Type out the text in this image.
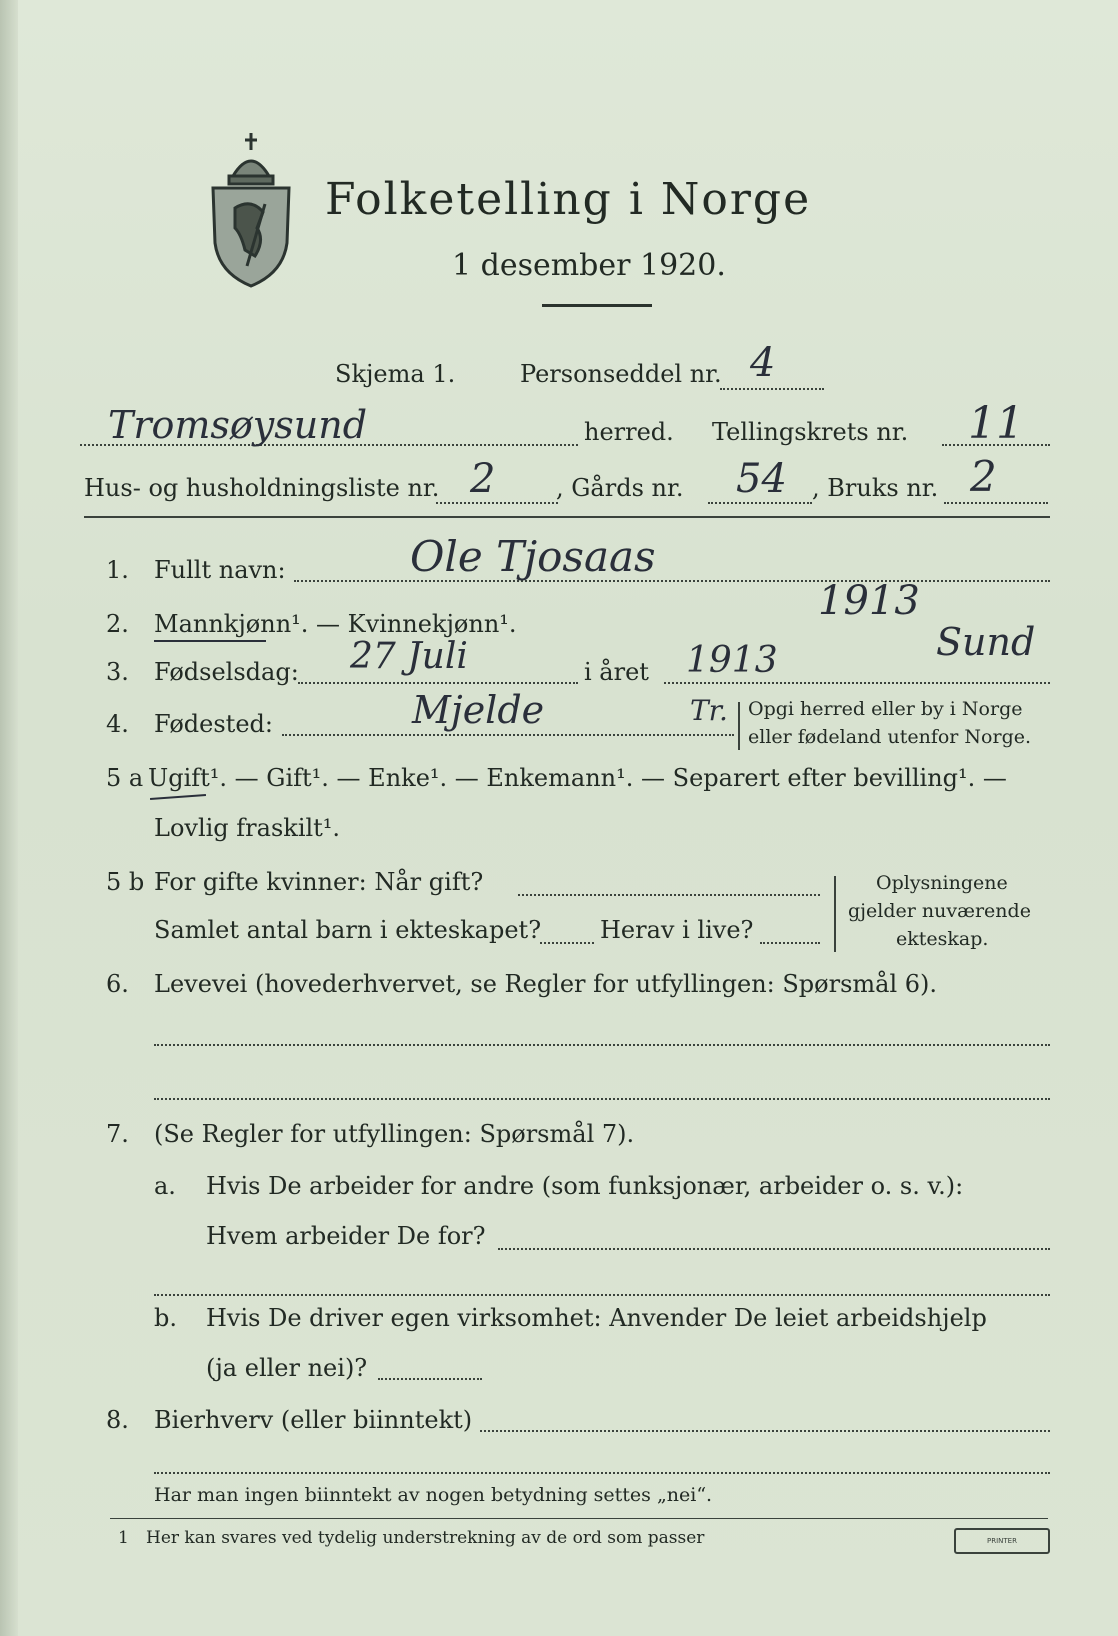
Folketelling i Norge
1 desember 1920.
Skjema 1.	Personseddel nr. 4
Tromsøysund	herred. Tellingskrets nr. 11
Hus- og husholdningsliste nr. 2	, Gårds nr. 54 , Bruks nr. 2
1. Fullt navn:	Ole Tjosaas
2. Mannkjønn¹. — Kvinnekjønn¹.	1913
3. Fødselsdag: 27 Juli	i året 1913	Sund
4. Fødested:	Mjelde	Tr. Opgi herred eller by i Norge
eller fødeland utenfor Norge.
5 a Ugift¹. — Gift¹. — Enke¹. — Enkemann¹. — Separert efter bevilling¹. —
Lovlig fraskilt¹.
5 b For gifte kvinner: Når gift?
Samlet antal barn i ekteskapet? Herav i live?
Oplysningene
gjelder nuværende
ekteskap.
6. Levevei (hovederhvervet, se Regler for utfyllingen: Spørsmål 6).
7. (Se Regler for utfyllingen: Spørsmål 7).
a. Hvis De arbeider for andre (som funksjonær, arbeider o. s. v.):
Hvem arbeider De for?
b. Hvis De driver egen virksomhet: Anvender De leiet arbeidshjelp
(ja eller nei)?
8. Bierhverv (eller biinntekt)
Har man ingen biinntekt av nogen betydning settes „nei“.
1 Her kan svares ved tydelig understrekning av de ord som passer	PRINTER
